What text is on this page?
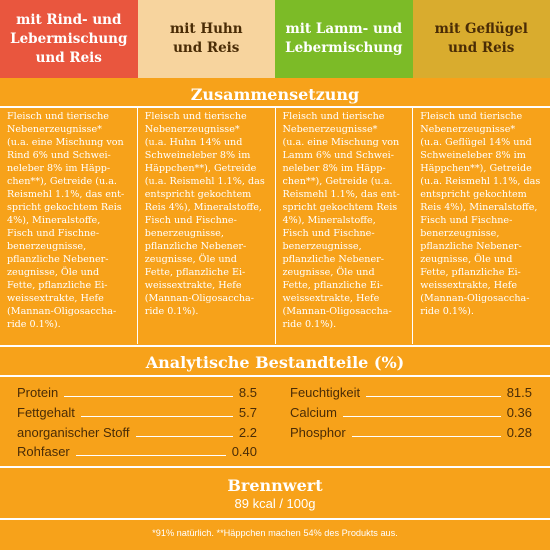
mit Rind- und
Lebermischung
und Reis
mit Huhn
und Reis
mit Lamm- und
Lebermischung
mit Geflügel
und Reis
Zusammensetzung
Fleisch und tierische
Nebenerzeugnisse*
(u.a. eine Mischung von
Rind 6% und Schwei-
neleber 8% im Häpp-
chen**), Getreide (u.a.
Reismehl 1.1%, das ent-
spricht gekochtem Reis
4%), Mineralstoffe,
Fisch und Fischne-
benerzeugnisse,
pflanzliche Nebener-
zeugnisse, Öle und
Fette, pflanzliche Ei-
weissextrakte, Hefe
(Mannan-Oligosaccha-
ride 0.1%).
Fleisch und tierische
Nebenerzeugnisse*
(u.a. Huhn 14% und
Schweineleber 8% im
Häppchen**), Getreide
(u.a. Reismehl 1.1%, das
entspricht gekochtem
Reis 4%), Mineralstoffe,
Fisch und Fischne-
benerzeugnisse,
pflanzliche Nebener-
zeugnisse, Öle und
Fette, pflanzliche Ei-
weissextrakte, Hefe
(Mannan-Oligosaccha-
ride 0.1%).
Fleisch und tierische
Nebenerzeugnisse*
(u.a. eine Mischung von
Lamm 6% und Schwei-
neleber 8% im Häpp-
chen**), Getreide (u.a.
Reismehl 1.1%, das ent-
spricht gekochtem Reis
4%), Mineralstoffe,
Fisch und Fischne-
benerzeugnisse,
pflanzliche Nebener-
zeugnisse, Öle und
Fette, pflanzliche Ei-
weissextrakte, Hefe
(Mannan-Oligosaccha-
ride 0.1%).
Fleisch und tierische
Nebenerzeugnisse*
(u.a. Geflügel 14% und
Schweineleber 8% im
Häppchen**), Getreide
(u.a. Reismehl 1.1%, das
entspricht gekochtem
Reis 4%), Mineralstoffe,
Fisch und Fischne-
benerzeugnisse,
pflanzliche Nebener-
zeugnisse, Öle und
Fette, pflanzliche Ei-
weissextrakte, Hefe
(Mannan-Oligosaccha-
ride 0.1%).
Analytische Bestandteile (%)
Protein	8.5
Fettgehalt	5.7
anorganischer Stoff	2.2
Rohfaser	0.40
Feuchtigkeit	81.5
Calcium	0.36
Phosphor	0.28
Brennwert
89 kcal / 100g
*91% natürlich. **Häppchen machen 54% des Produkts aus.
